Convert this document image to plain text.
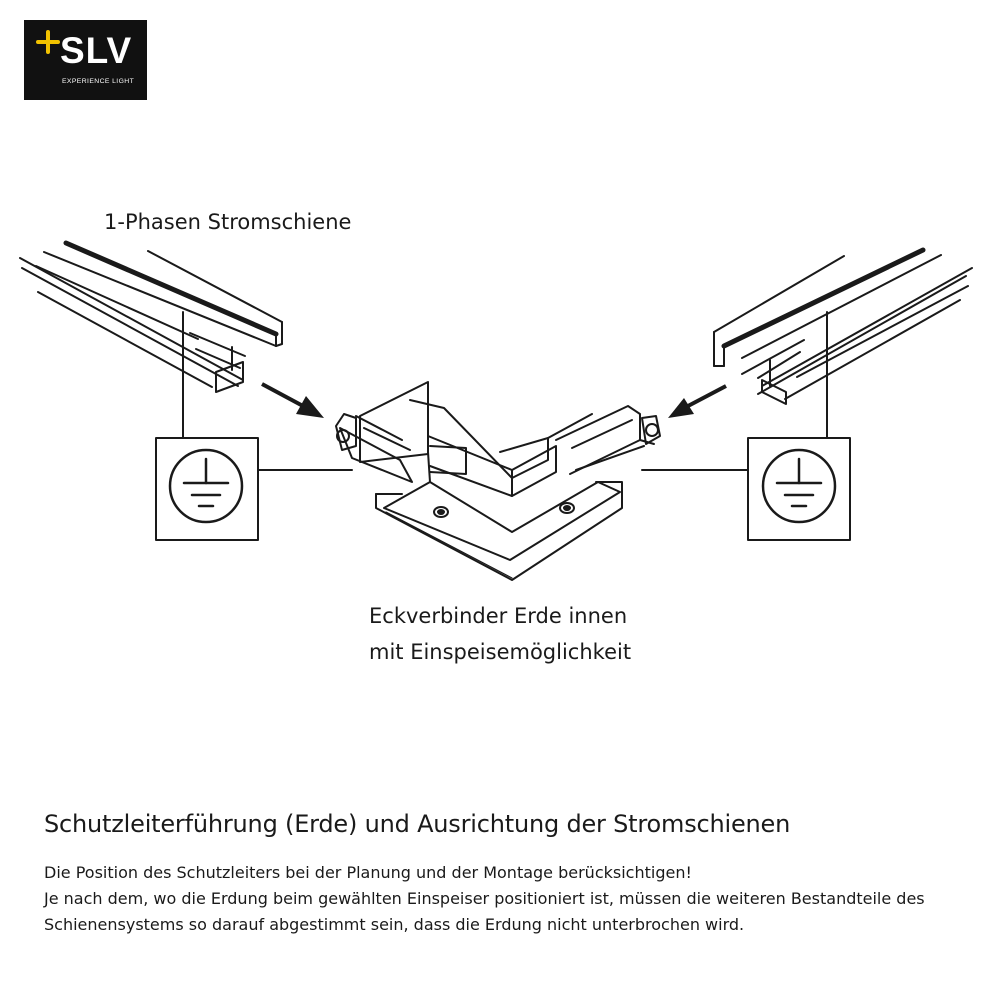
SLV
EXPERIENCE LIGHT
1-Phasen Stromschiene
Eckverbinder Erde innen
mit Einspeisemöglichkeit
Schutzleiterführung (Erde) und Ausrichtung der Stromschienen
Die Position des Schutzleiters bei der Planung und der Montage berücksichtigen!
Je nach dem, wo die Erdung beim gewählten Einspeiser positioniert ist, müssen die weiteren Bestandteile des
Schienensystems so darauf abgestimmt sein, dass die Erdung nicht unterbrochen wird.
